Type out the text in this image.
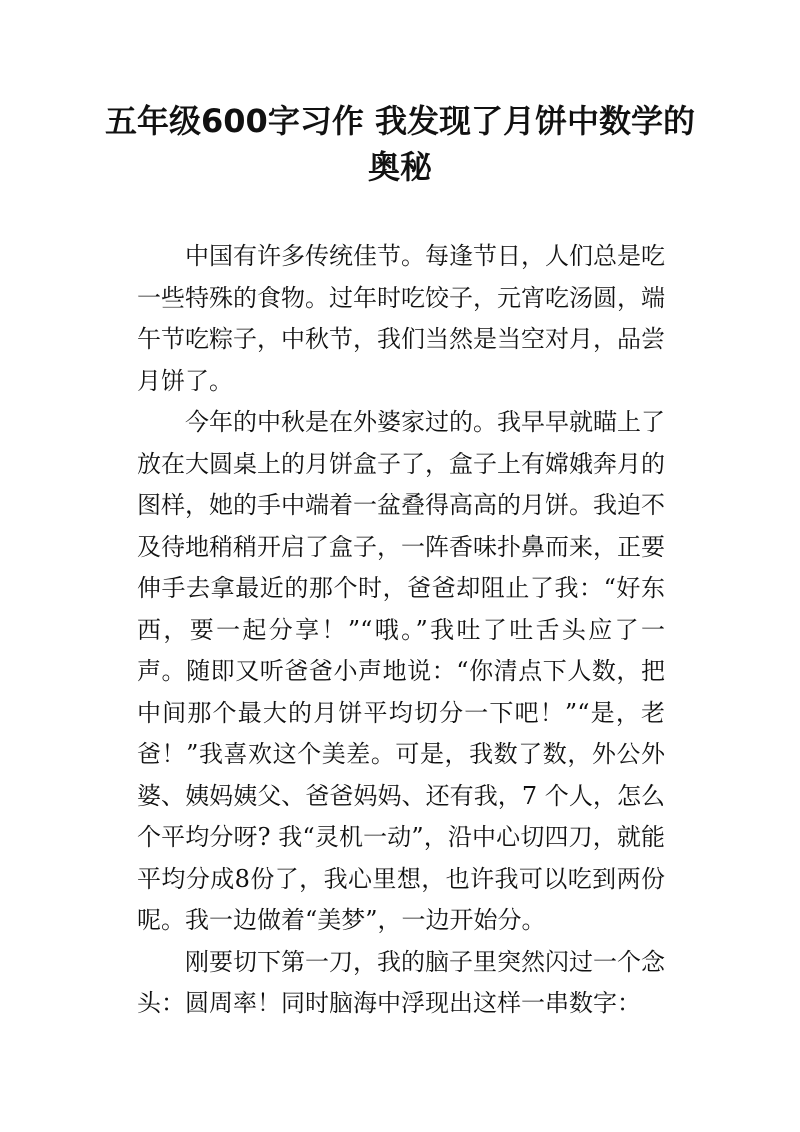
五年级600字习作 我发现了月饼中数学的奥秘

中国有许多传统佳节。每逢节日，人们总是吃一些特殊的食物。过年时吃饺子，元宵吃汤圆，端午节吃粽子，中秋节，我们当然是当空对月，品尝月饼了。

今年的中秋是在外婆家过的。我早早就瞄上了放在大圆桌上的月饼盒子了，盒子上有嫦娥奔月的图样，她的手中端着一盆叠得高高的月饼。我迫不及待地稍稍开启了盒子，一阵香味扑鼻而来，正要伸手去拿最近的那个时，爸爸却阻止了我：“好东西，要一起分享！”“哦。”我吐了吐舌头应了一声。随即又听爸爸小声地说：“你清点下人数，把中间那个最大的月饼平均切分一下吧！”“是，老爸！”我喜欢这个美差。可是，我数了数，外公外婆、姨妈姨父、爸爸妈妈、还有我，7 个人，怎么个平均分呀? 我“灵机一动”，沿中心切四刀，就能平均分成8份了，我心里想，也许我可以吃到两份呢。我一边做着“美梦”，一边开始分。

刚要切下第一刀，我的脑子里突然闪过一个念头：圆周率！同时脑海中浮现出这样一串数字：
